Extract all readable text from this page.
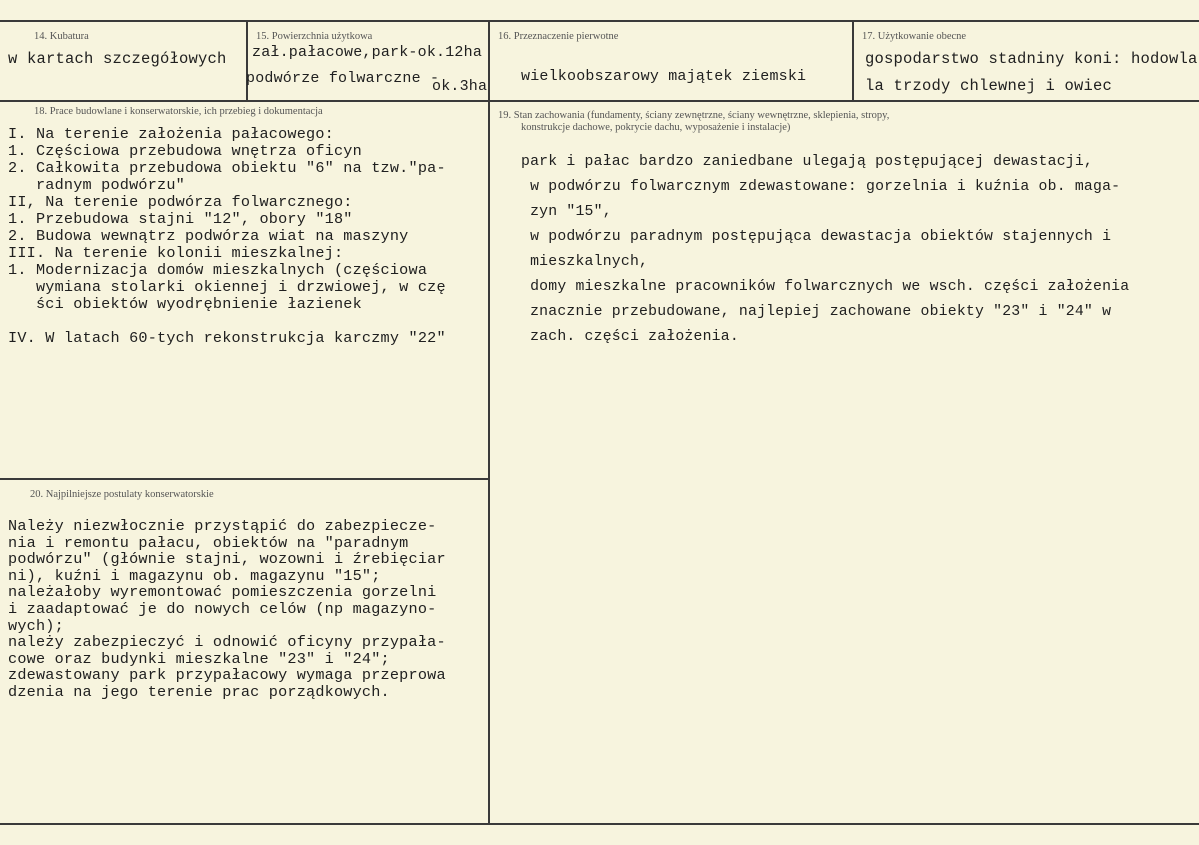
14. Kubatura
w kartach szczegółowych
15. Powierzchnia użytkowa
zał.pałacowe,park-ok.12ha
podwórze folwarczne -
ok.3ha
16. Przeznaczenie pierwotne
wielkoobszarowy majątek ziemski
17. Użytkowanie obecne
gospodarstwo stadniny koni: hodowla
la trzody chlewnej i owiec
18. Prace budowlane i konserwatorskie, ich przebieg i dokumentacja
I. Na terenie założenia pałacowego:
1. Częściowa przebudowa wnętrza oficyn
2. Całkowita przebudowa obiektu "6" na tzw."pa-
radnym podwórzu"
II, Na terenie podwórza folwarcznego:
1. Przebudowa stajni "12", obory "18"
2. Budowa wewnątrz podwórza wiat na maszyny
III. Na terenie kolonii mieszkalnej:
1. Modernizacja domów mieszkalnych (częściowa
wymiana stolarki okiennej i drzwiowej, w czę
ści obiektów wyodrębnienie łazienek

IV. W latach 60-tych rekonstrukcja karczmy "22"
19. Stan zachowania (fundamenty, ściany zewnętrzne, ściany wewnętrzne, sklepienia, stropy,
konstrukcje dachowe, pokrycie dachu, wyposażenie i instalacje)
park i pałac bardzo zaniedbane ulegają postępującej dewastacji,
w podwórzu folwarcznym zdewastowane: gorzelnia i kuźnia ob. maga-
zyn "15",
w podwórzu paradnym postępująca dewastacja obiektów stajennych i
mieszkalnych,
domy mieszkalne pracowników folwarcznych we wsch. części założenia
znacznie przebudowane, najlepiej zachowane obiekty "23" i "24" w
zach. części założenia.
20. Najpilniejsze postulaty konserwatorskie
Należy niezwłocznie przystąpić do zabezpiecze-
nia i remontu pałacu, obiektów na "paradnym
podwórzu" (głównie stajni, wozowni i źrebięciar
ni), kuźni i magazynu ob. magazynu "15";
należałoby wyremontować pomieszczenia gorzelni
i zaadaptować je do nowych celów (np magazyno-
wych);
należy zabezpieczyć i odnowić oficyny przypała-
cowe oraz budynki mieszkalne "23" i "24";
zdewastowany park przypałacowy wymaga przeprowa
dzenia na jego terenie prac porządkowych.
